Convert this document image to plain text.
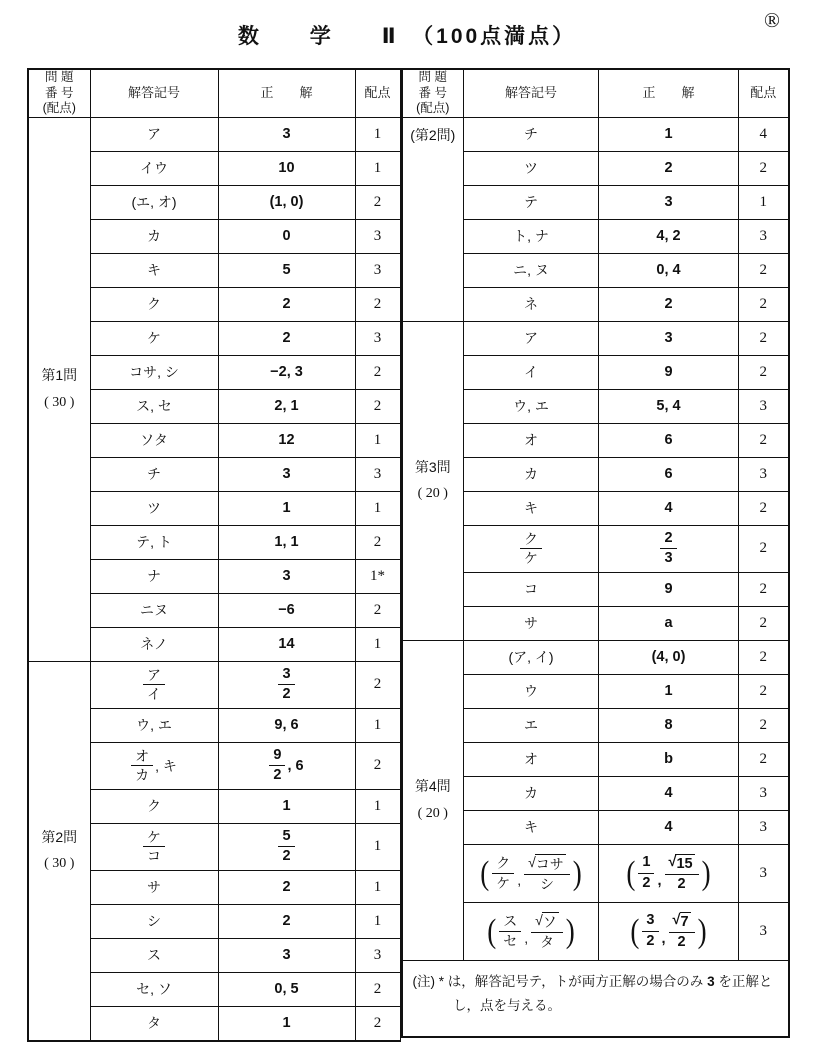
数　　学　　Ⅱ　（100点満点）
®
問 題
番 号
(配点)	解答記号	正　　解	配点

第1問
( 30 )	ア	3	1
	イウ	10	1
	(エ, オ)	(1, 0)	2
	カ	0	3
	キ	5	3
	ク	2	2
	ケ	2	3
	コサ, シ	−2, 3	2
	ス, セ	2, 1	2
	ソタ	12	1
	チ	3	3
	ツ	1	1
	テ, ト	1, 1	2
	ナ	3	1*
	ニヌ	−6	2
	ネノ	14	1

第2問
( 30 )

$\frac{\text{ア}}{\text{イ}}$	$\frac{3}{2}$	2
	ウ, エ	9, 6	1

	$\frac{\text{オ}}{\text{カ}}$ , キ	$\frac{9}{2}$ , 6	2
	ク	1	1

	$\frac{\text{ケ}}{\text{コ}}$	$\frac{5}{2}$	1
	サ	2	1
	シ	2	1
	ス	3	3
	セ, ソ	0, 5	2
	タ	1	2
問 題
番 号
(配点)	解答記号	正　　解	配点

(第2問)	チ	1	4
	ツ	2	2
	テ	3	1
	ト, ナ	4, 2	3
	ニ, ヌ	0, 4	2
	ネ	2	2

第3問
( 20 )	ア	3	2
	イ	9	2
	ウ, エ	5, 4	3
	オ	6	2
	カ	6	3
	キ	4	2

	$\frac{\text{ク}}{\text{ケ}}$	$\frac{2}{3}$	2
	コ	9	2
	サ	a	2

第4問
( 20 )	(ア, イ)	(4, 0)	2
	ウ	1	2
	エ	8	2
	オ	b	2
	カ	4	3
	キ	4	3

( $\frac{\text{ク}}{\text{ケ}}$ , $\frac{\text{√ コサ}}{\text{シ}}$ )	( $\frac{1}{2}$ , $\frac{√ 15}{2}$ )	3

( $\frac{\text{ス}}{\text{セ}}$ , $\frac{\text{√ ソ}}{\text{タ}}$ )	( $\frac{3}{2}$ , $\frac{√ 7}{2}$ )	3

(注) * は，解答記号テ，トが両方正解の場合のみ 3 を正解とし，点を与える。			
